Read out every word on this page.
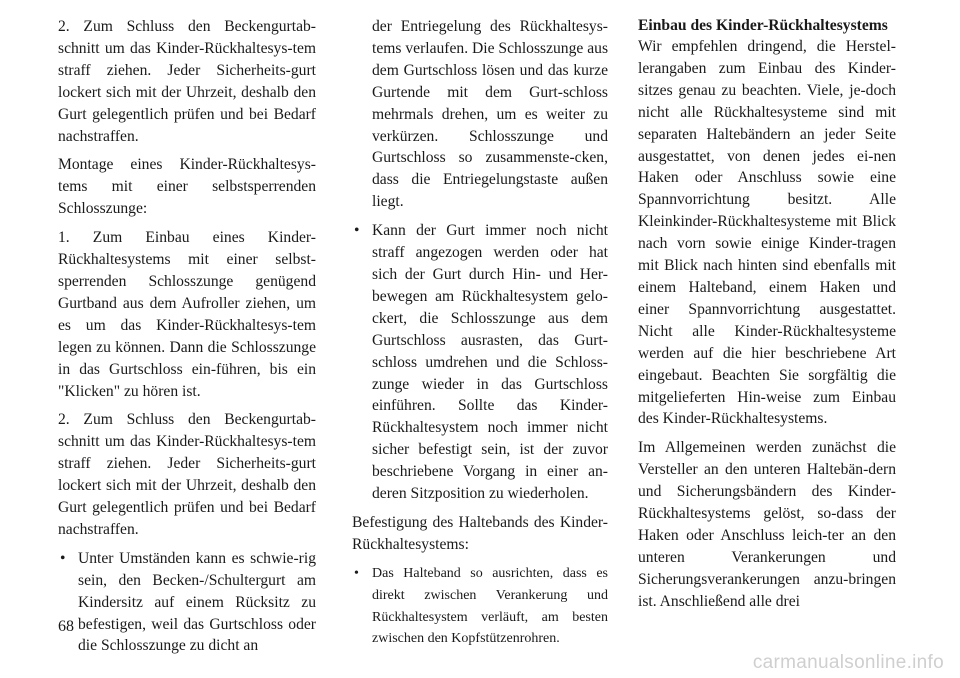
2. Zum Schluss den Beckengurtab-schnitt um das Kinder-Rückhaltesys-tem straff ziehen. Jeder Sicherheits-gurt lockert sich mit der Uhrzeit, deshalb den Gurt gelegentlich prüfen und bei Bedarf nachstraffen.

Montage eines Kinder-Rückhaltesys-tems mit einer selbstsperrenden Schlosszunge:

1. Zum Einbau eines Kinder-Rückhaltesystems mit einer selbst-sperrenden Schlosszunge genügend Gurtband aus dem Aufroller ziehen, um es um das Kinder-Rückhaltesys-tem legen zu können. Dann die Schlosszunge in das Gurtschloss ein-führen, bis ein "Klicken" zu hören ist.

2. Zum Schluss den Beckengurtab-schnitt um das Kinder-Rückhaltesys-tem straff ziehen. Jeder Sicherheits-gurt lockert sich mit der Uhrzeit, deshalb den Gurt gelegentlich prüfen und bei Bedarf nachstraffen.

• Unter Umständen kann es schwie-rig sein, den Becken-/Schultergurt am Kindersitz auf einem Rücksitz zu befestigen, weil das Gurtschloss oder die Schlosszunge zu dicht an

der Entriegelung des Rückhaltesys-tems verlaufen. Die Schlosszunge aus dem Gurtschloss lösen und das kurze Gurtende mit dem Gurt-schloss mehrmals drehen, um es weiter zu verkürzen. Schlosszunge und Gurtschloss so zusammenste-cken, dass die Entriegelungstaste außen liegt.

• Kann der Gurt immer noch nicht straff angezogen werden oder hat sich der Gurt durch Hin- und Her-bewegen am Rückhaltesystem gelo-ckert, die Schlosszunge aus dem Gurtschloss ausrasten, das Gurt-schloss umdrehen und die Schloss-zunge wieder in das Gurtschloss einführen. Sollte das Kinder-Rückhaltesystem noch immer nicht sicher befestigt sein, ist der zuvor beschriebene Vorgang in einer an-deren Sitzposition zu wiederholen.

Befestigung des Haltebands des Kinder-Rückhaltesystems:

• Das Halteband so ausrichten, dass es direkt zwischen Verankerung und Rückhaltesystem verläuft, am besten zwischen den Kopfstützenrohren.
Einbau des Kinder-Rückhaltesystems

Wir empfehlen dringend, die Herstel-lerangaben zum Einbau des Kinder-sitzes genau zu beachten. Viele, je-doch nicht alle Rückhaltesysteme sind mit separaten Haltebändern an jeder Seite ausgestattet, von denen jedes ei-nen Haken oder Anschluss sowie eine Spannvorrichtung besitzt. Alle Kleinkinder-Rückhaltesysteme mit Blick nach vorn sowie einige Kinder-tragen mit Blick nach hinten sind ebenfalls mit einem Halteband, einem Haken und einer Spannvorrichtung ausgestattet. Nicht alle Kinder-Rückhaltesysteme werden auf die hier beschriebene Art eingebaut. Beachten Sie sorgfältig die mitgelieferten Hin-weise zum Einbau des Kinder-Rückhaltesystems.

Im Allgemeinen werden zunächst die Versteller an den unteren Haltebän-dern und Sicherungsbändern des Kinder-Rückhaltesystems gelöst, so-dass der Haken oder Anschluss leich-ter an den unteren Verankerungen und Sicherungsverankerungen anzu-bringen ist. Anschließend alle drei

68
carmanualsonline.info
